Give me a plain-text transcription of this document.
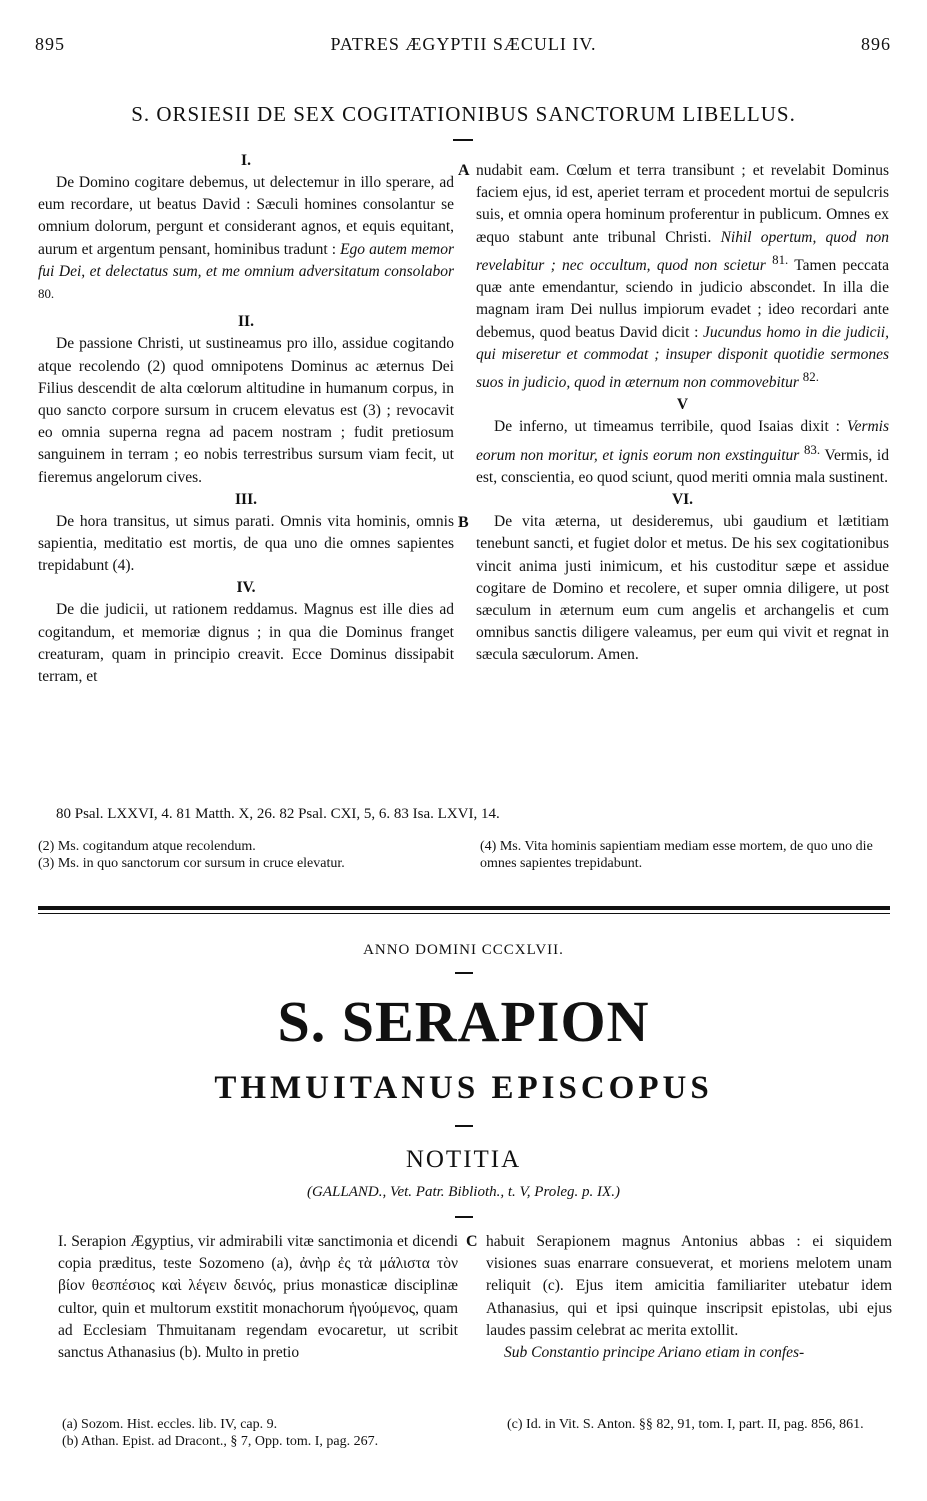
895	PATRES ÆGYPTII SÆCULI IV.	896
S. ORSIESII DE SEX COGITATIONIBUS SANCTORUM LIBELLUS.

I.

De Domino cogitare debemus, ut delectemur in illo sperare, ad eum recordare, ut beatus David : Sæculi homines consolantur se omnium dolorum, pergunt et considerant agnos, et equis equitant, aurum et argentum pensant, hominibus tradunt : Ego autem memor fui Dei, et delectatus sum, et me omnium adversitatum consolabor $^{80.}$

II.

De passione Christi, ut sustineamus pro illo, assidue cogitando atque recolendo (2) quod omnipotens Dominus ac æternus Dei Filius descendit de alta cœlorum altitudine in humanum corpus, in quo sancto corpore sursum in crucem elevatus est (3) ; revocavit eo omnia superna regna ad pacem nostram ; fudit pretiosum sanguinem in terram ; eo nobis terrestribus sursum viam fecit, ut fieremus angelorum cives.

III.

De hora transitus, ut simus parati. Omnis vita hominis, omnis sapientia, meditatio est mortis, de qua uno die omnes sapientes trepidabunt (4).

IV.

De die judicii, ut rationem reddamus. Magnus est ille dies ad cogitandum, et memoriæ dignus ; in qua die Dominus franget creaturam, quam in principio creavit. Ecce Dominus dissipabit terram, et

A
B

nudabit eam. Cœlum et terra transibunt ; et revelabit Dominus faciem ejus, id est, aperiet terram et procedent mortui de sepulcris suis, et omnia opera hominum proferentur in publicum. Omnes ex æquo stabunt ante tribunal Christi. Nihil opertum, quod non revelabitur ; nec occultum, quod non scietur $^{81.}$ Tamen peccata quæ ante emendantur, sciendo in judicio abscondet. In illa die magnam iram Dei nullus impiorum evadet ; ideo recordari ante debemus, quod beatus David dicit : Jucundus homo in die judicii, qui miseretur et commodat ; insuper disponit quotidie sermones suos in judicio, quod in æternum non commovebitur $^{82.}$

V

De inferno, ut timeamus terribile, quod Isaias dixit : Vermis eorum non moritur, et ignis eorum non exstinguitur $^{83.}$ Vermis, id est, conscientia, eo quod sciunt, quod meriti omnia mala sustinent.

VI.

De vita æterna, ut desideremus, ubi gaudium et lætitiam tenebunt sancti, et fugiet dolor et metus. De his sex cogitationibus vincit anima justi inimicum, et his custoditur sæpe et assidue cogitare de Domino et recolere, et super omnia diligere, ut post sæculum in æternum eum cum angelis et archangelis et cum omnibus sanctis diligere valeamus, per eum qui vivit et regnat in sæcula sæculorum. Amen.

80 Psal. LXXVI, 4. 81 Matth. X, 26. 82 Psal. CXI, 5, 6. 83 Isa. LXVI, 14.
(2) Ms. cogitandum atque recolendum.
(3) Ms. in quo sanctorum cor sursum in cruce elevatur.
(4) Ms. Vita hominis sapientiam mediam esse mortem, de quo uno die omnes sapientes trepidabunt.
ANNO DOMINI CCCXLVII.
S. SERAPION
THMUITANUS EPISCOPUS
NOTITIA
(GALLAND., Vet. Patr. Biblioth., t. V, Proleg. p. IX.)

I. Serapion Ægyptius, vir admirabili vitæ sanctimonia et dicendi copia præditus, teste Sozomeno (a), ἀνὴρ ἐς τὰ μάλιστα τὸν βίον θεσπέσιος καὶ λέγειν δεινός, prius monasticæ disciplinæ cultor, quin et multorum exstitit monachorum ἡγούμενος, quam ad Ecclesiam Thmuitanam regendam evocaretur, ut scribit sanctus Athanasius (b). Multo in pretio

C habuit Serapionem magnus Antonius abbas : ei siquidem visiones suas enarrare consueverat, et moriens melotem unam reliquit (c). Ejus item amicitia familiariter utebatur idem Athanasius, qui et ipsi quinque inscripsit epistolas, ubi ejus laudes passim celebrat ac merita extollit.

Sub Constantio principe Ariano etiam in confes-

(a) Sozom. Hist. eccles. lib. IV, cap. 9.
(b) Athan. Epist. ad Dracont., § 7, Opp. tom. I, pag. 267.
(c) Id. in Vit. S. Anton. §§ 82, 91, tom. I, part. II, pag. 856, 861.
